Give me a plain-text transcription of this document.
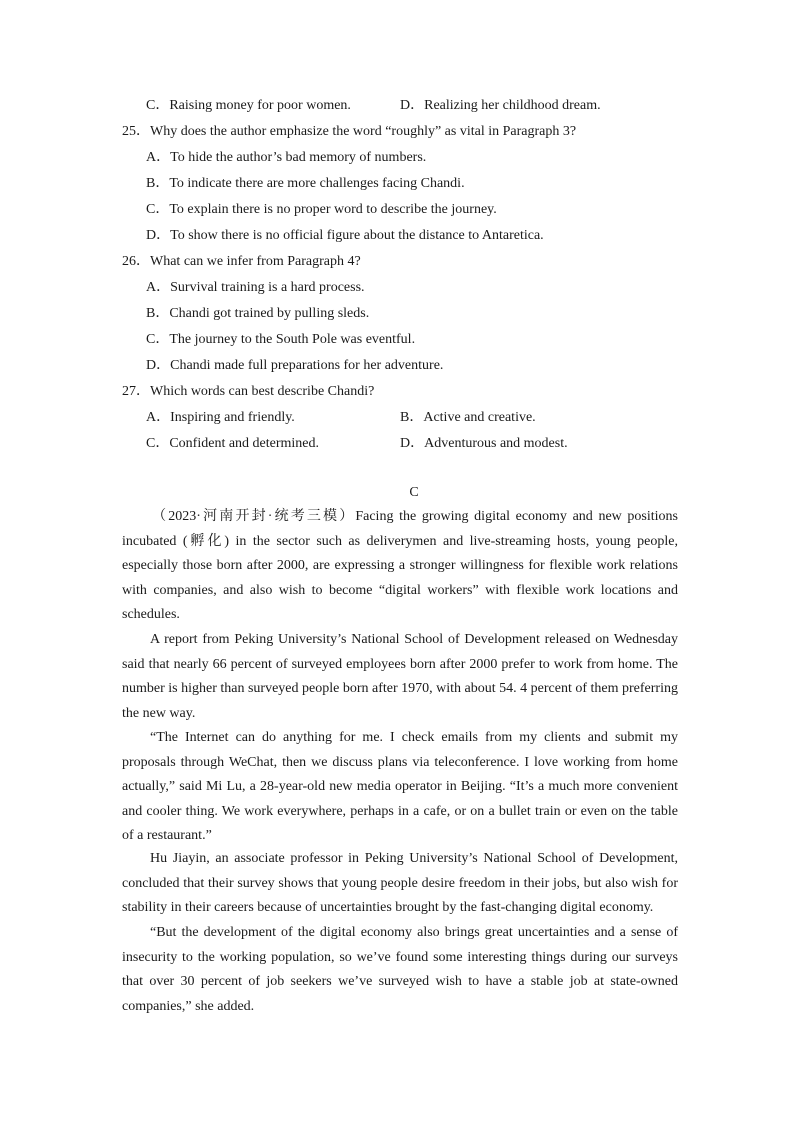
C．Raising money for poor women.	D．Realizing her childhood dream.
25．Why does the author emphasize the word “roughly” as vital in Paragraph 3?
A．To hide the author’s bad memory of numbers.
B．To indicate there are more challenges facing Chandi.
C．To explain there is no proper word to describe the journey.
D．To show there is no official figure about the distance to Antaretica.
26．What can we infer from Paragraph 4?
A．Survival training is a hard process.
B．Chandi got trained by pulling sleds.
C．The journey to the South Pole was eventful.
D．Chandi made full preparations for her adventure.
27．Which words can best describe Chandi?
A．Inspiring and friendly.	B．Active and creative.
C．Confident and determined.	D．Adventurous and modest.
C
（2023·河南开封·统考三模）Facing the growing digital economy and new positions incubated (孵化) in the sector such as deliverymen and live-streaming hosts, young people, especially those born after 2000, are expressing a stronger willingness for flexible work relations with companies, and also wish to become “digital workers” with flexible work locations and schedules.
A report from Peking University’s National School of Development released on Wednesday said that nearly 66 percent of surveyed employees born after 2000 prefer to work from home. The number is higher than surveyed people born after 1970, with about 54. 4 percent of them preferring the new way.
“The Internet can do anything for me. I check emails from my clients and submit my proposals through WeChat, then we discuss plans via teleconference. I love working from home actually,” said Mi Lu, a 28-year-old new media operator in Beijing. “It’s a much more convenient and cooler thing. We work everywhere, perhaps in a cafe, or on a bullet train or even on the table of a restaurant.”
Hu Jiayin, an associate professor in Peking University’s National School of Development, concluded that their survey shows that young people desire freedom in their jobs, but also wish for stability in their careers because of uncertainties brought by the fast-changing digital economy.
“But the development of the digital economy also brings great uncertainties and a sense of insecurity to the working population, so we’ve found some interesting things during our surveys that over 30 percent of job seekers we’ve surveyed wish to have a stable job at state-owned companies,” she added.
